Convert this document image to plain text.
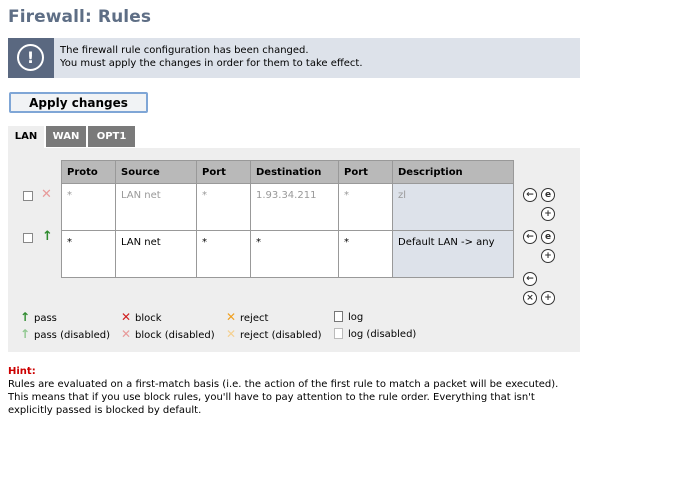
Firewall: Rules
!	The firewall rule configuration has been changed.
You must apply the changes in order for them to take effect.
Apply changes
LAN	WAN	OPT1
Proto	Source	Port	Destination	Port	Description
*	LAN net	*	1.93.34.211	*	zl
*	LAN net	*	*	*	Default LAN -> any
✕
↑
←	e
+
←	e
+
←
×	+
↑ pass
↑ pass (disabled)
✕ block
✕ block (disabled)
✕ reject
✕ reject (disabled)
log
log (disabled)
Hint:
Rules are evaluated on a first-match basis (i.e. the action of the first rule to match a packet will be executed). This means that if you use block rules, you'll have to pay attention to the rule order. Everything that isn't explicitly passed is blocked by default.
